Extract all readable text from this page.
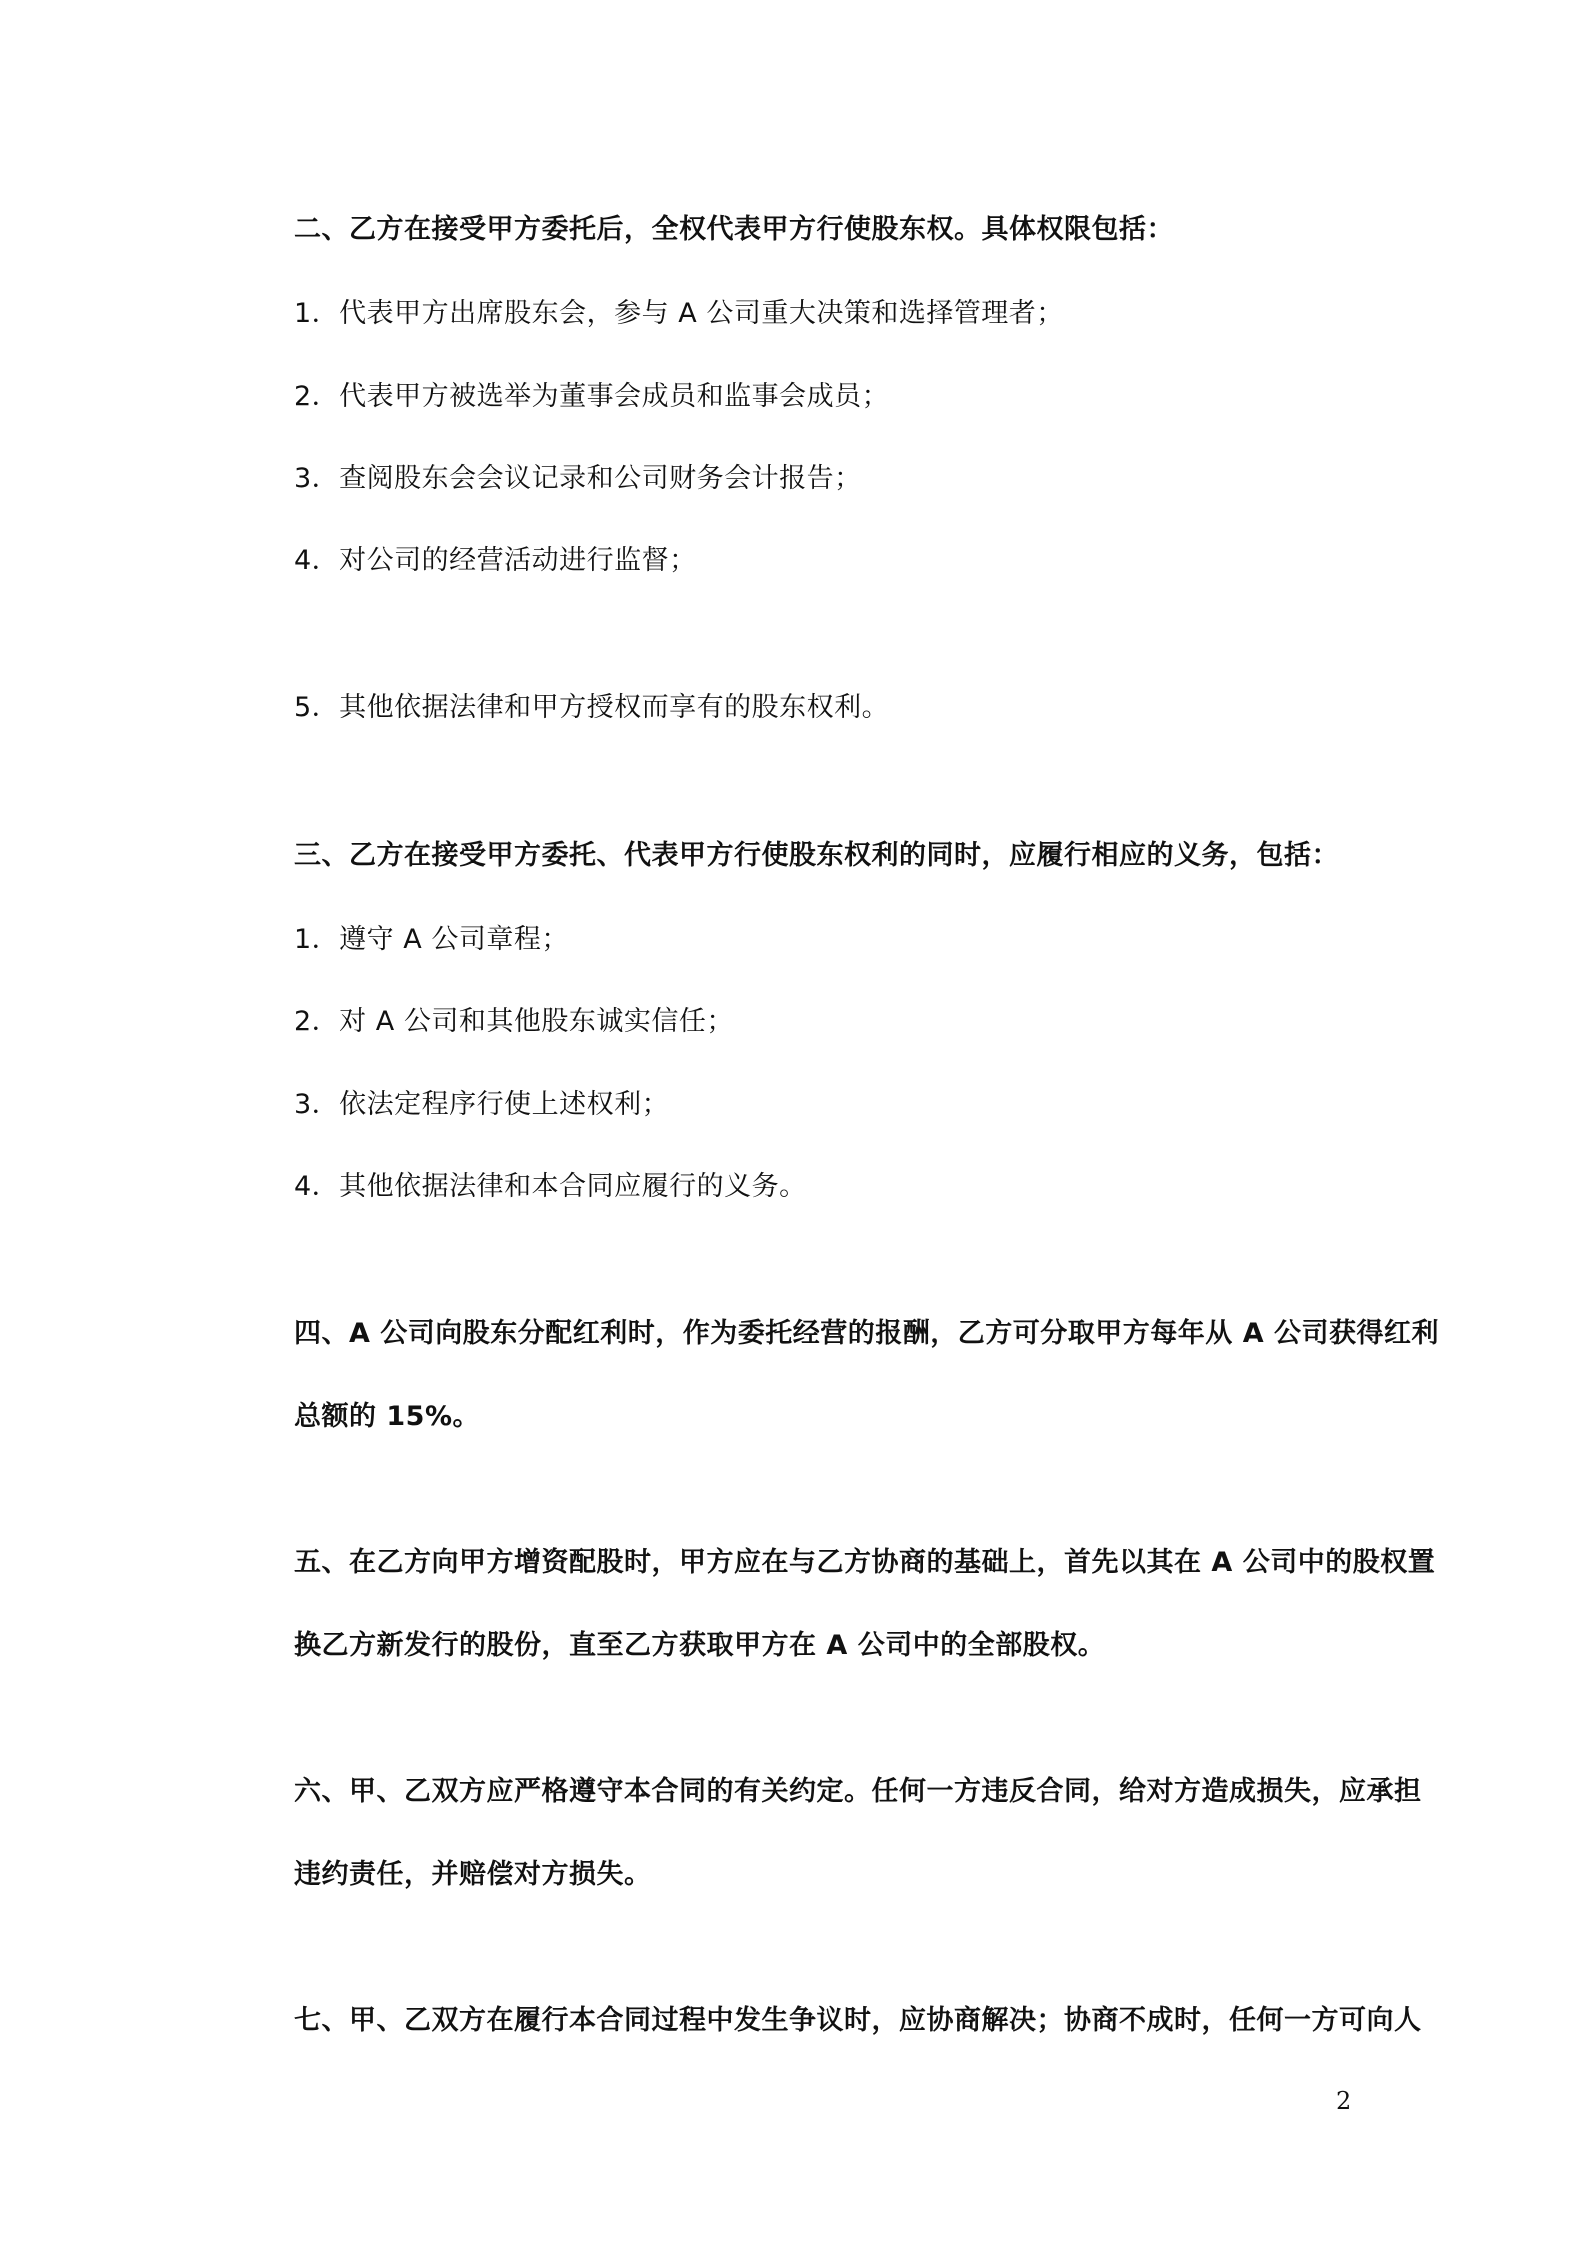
二、乙方在接受甲方委托后，全权代表甲方行使股东权。具体权限包括：
1．代表甲方出席股东会，参与 A 公司重大决策和选择管理者；
2．代表甲方被选举为董事会成员和监事会成员；
3．查阅股东会会议记录和公司财务会计报告；
4．对公司的经营活动进行监督；
5．其他依据法律和甲方授权而享有的股东权利。
三、乙方在接受甲方委托、代表甲方行使股东权利的同时，应履行相应的义务，包括：
1．遵守 A 公司章程；
2．对 A 公司和其他股东诚实信任；
3．依法定程序行使上述权利；
4．其他依据法律和本合同应履行的义务。
四、A 公司向股东分配红利时，作为委托经营的报酬，乙方可分取甲方每年从 A 公司获得红利
总额的 15%。
五、在乙方向甲方增资配股时，甲方应在与乙方协商的基础上，首先以其在 A 公司中的股权置
换乙方新发行的股份，直至乙方获取甲方在 A 公司中的全部股权。
六、甲、乙双方应严格遵守本合同的有关约定。任何一方违反合同，给对方造成损失，应承担
违约责任，并赔偿对方损失。
七、甲、乙双方在履行本合同过程中发生争议时，应协商解决；协商不成时，任何一方可向人
2
